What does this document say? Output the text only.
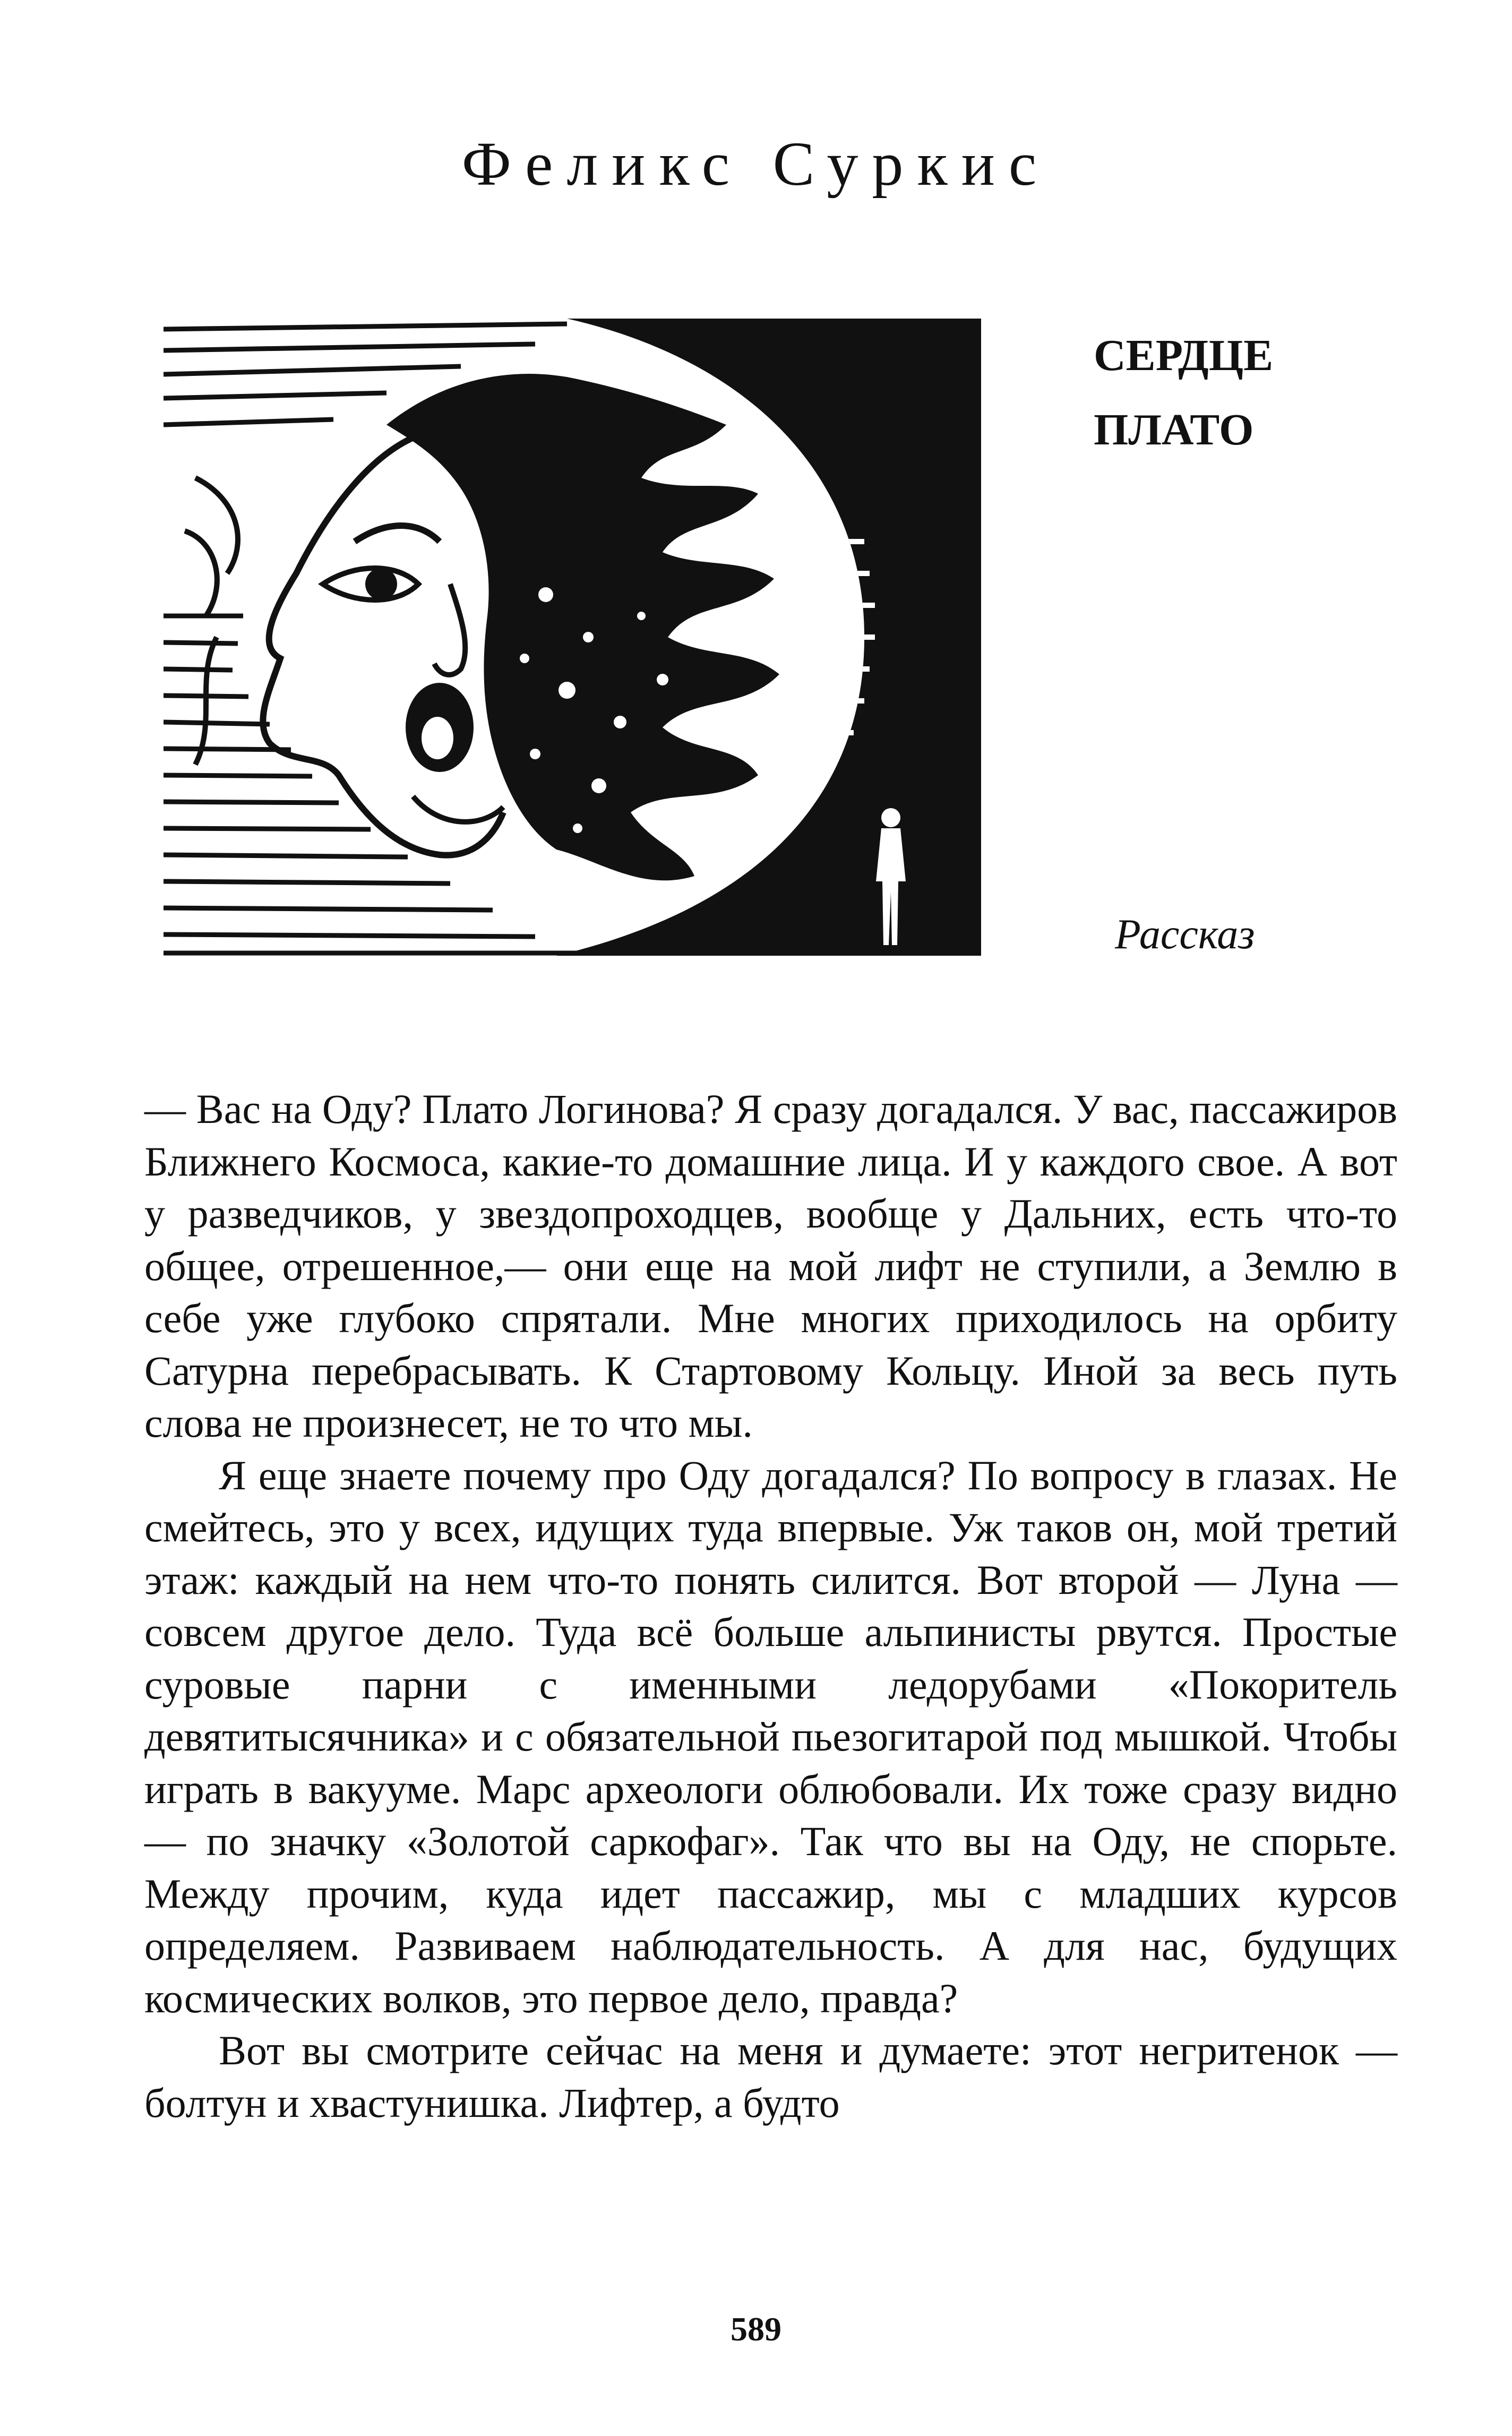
Феликс Суркис
СЕРДЦЕ
ПЛАТО
Рассказ

— Вас на Оду? Плато Логинова? Я сразу догадался. У вас, пассажиров Ближнего Космоса, какие-то домашние лица. И у каждого свое. А вот у разведчиков, у звездопроходцев, вообще у Дальних, есть что-то общее, отрешенное,— они еще на мой лифт не ступили, а Землю в себе уже глубоко спрятали. Мне многих приходилось на орбиту Сатурна перебрасывать. К Стартовому Кольцу. Иной за весь путь слова не произнесет, не то что мы.

Я еще знаете почему про Оду догадался? По вопросу в глазах. Не смейтесь, это у всех, идущих туда впервые. Уж таков он, мой третий этаж: каждый на нем что-то понять силится. Вот второй — Луна — совсем другое дело. Туда всё больше альпинисты рвутся. Простые суровые парни с именными ледорубами «Покоритель девятитысячника» и с обязательной пьезогитарой под мышкой. Чтобы играть в вакууме. Марс археологи облюбовали. Их тоже сразу видно — по значку «Золотой саркофаг». Так что вы на Оду, не спорьте. Между прочим, куда идет пассажир, мы с младших курсов определяем. Развиваем наблюдательность. А для нас, будущих космических волков, это первое дело, правда?

Вот вы смотрите сейчас на меня и думаете: этот негритенок — болтун и хвастунишка. Лифтер, а будто

589
